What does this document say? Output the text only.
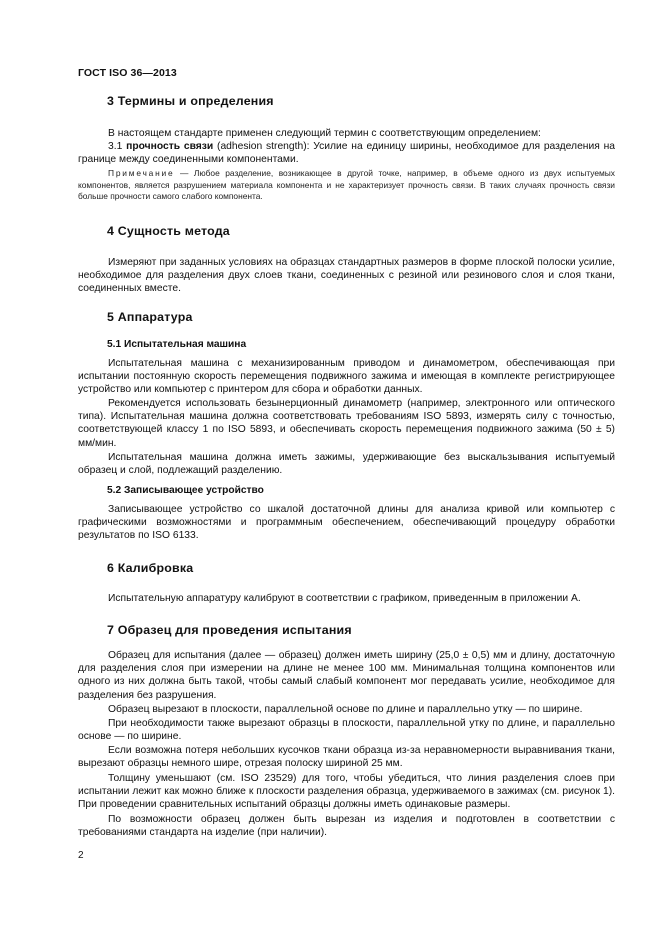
ГОСТ ISO 36—2013
3 Термины и определения

В настоящем стандарте применен следующий термин с соответствующим определением:

3.1 прочность связи (adhesion strength): Усилие на единицу ширины, необходимое для разделения на границе между соединенными компонентами.

Примечание — Любое разделение, возникающее в другой точке, например, в объеме одного из двух испытуемых компонентов, является разрушением материала компонента и не характеризует прочность связи. В таких случаях прочность связи больше прочности самого слабого компонента.

4 Сущность метода

Измеряют при заданных условиях на образцах стандартных размеров в форме плоской полоски усилие, необходимое для разделения двух слоев ткани, соединенных с резиной или резинового слоя и слоя ткани, соединенных вместе.

5 Аппаратура
5.1 Испытательная машина

Испытательная машина с механизированным приводом и динамометром, обеспечивающая при испытании постоянную скорость перемещения подвижного зажима и имеющая в комплекте регистрирующее устройство или компьютер с принтером для сбора и обработки данных.

Рекомендуется использовать безынерционный динамометр (например, электронного или оптического типа). Испытательная машина должна соответствовать требованиям ISO 5893, измерять силу с точностью, соответствующей классу 1 по ISO 5893, и обеспечивать скорость перемещения подвижного зажима (50 ± 5) мм/мин.

Испытательная машина должна иметь зажимы, удерживающие без выскальзывания испытуемый образец и слой, подлежащий разделению.

5.2 Записывающее устройство

Записывающее устройство со шкалой достаточной длины для анализа кривой или компьютер с графическими возможностями и программным обеспечением, обеспечивающий процедуру обработки результатов по ISO 6133.

6 Калибровка

Испытательную аппаратуру калибруют в соответствии с графиком, приведенным в приложении А.

7 Образец для проведения испытания

Образец для испытания (далее — образец) должен иметь ширину (25,0 ± 0,5) мм и длину, достаточную для разделения слоя при измерении на длине не менее 100 мм. Минимальная толщина компонентов или одного из них должна быть такой, чтобы самый слабый компонент мог передавать усилие, необходимое для разделения без разрушения.

Образец вырезают в плоскости, параллельной основе по длине и параллельно утку — по ширине.

При необходимости также вырезают образцы в плоскости, параллельной утку по длине, и параллельно основе — по ширине.

Если возможна потеря небольших кусочков ткани образца из-за неравномерности выравнивания ткани, вырезают образцы немного шире, отрезая полоску шириной 25 мм.

Толщину уменьшают (см. ISO 23529) для того, чтобы убедиться, что линия разделения слоев при испытании лежит как можно ближе к плоскости разделения образца, удерживаемого в зажимах (см. рисунок 1). При проведении сравнительных испытаний образцы должны иметь одинаковые размеры.

По возможности образец должен быть вырезан из изделия и подготовлен в соответствии с требованиями стандарта на изделие (при наличии).

2
